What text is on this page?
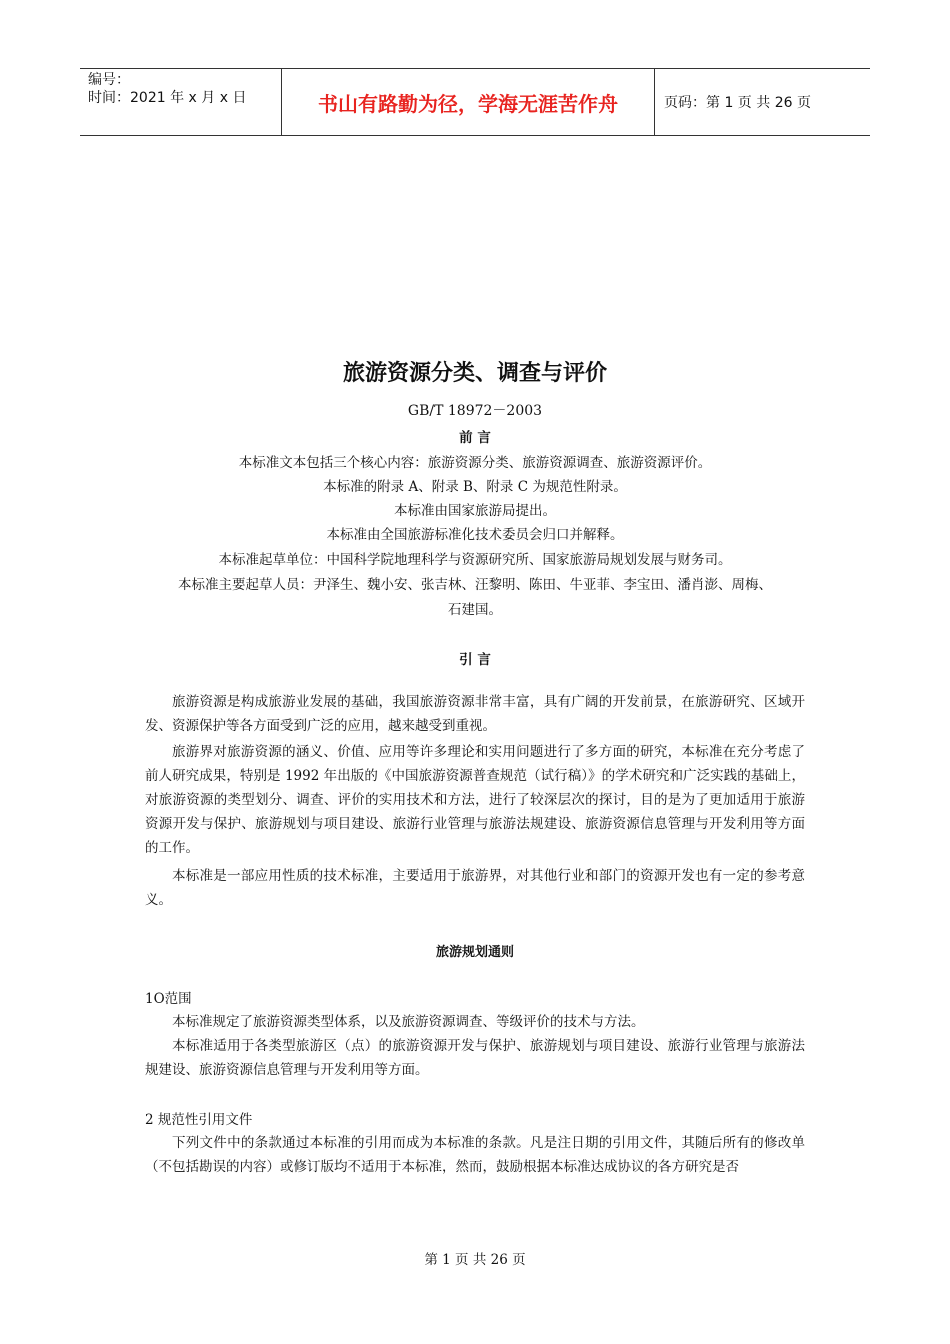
编号：
时间：2021 年 x 月 x 日	书山有路勤为径，学海无涯苦作舟	页码：第 1 页 共 26 页
旅游资源分类、调查与评价
GB/T 18972－2003
前 言
本标准文本包括三个核心内容：旅游资源分类、旅游资源调查、旅游资源评价。
本标准的附录 A、附录 B、附录 C 为规范性附录。
本标准由国家旅游局提出。
本标准由全国旅游标准化技术委员会归口并解释。
本标准起草单位：中国科学院地理科学与资源研究所、国家旅游局规划发展与财务司。
本标准主要起草人员：尹泽生、魏小安、张吉林、汪黎明、陈田、牛亚菲、李宝田、潘肖澎、周梅、
石建国。
引 言
旅游资源是构成旅游业发展的基础，我国旅游资源非常丰富，具有广阔的开发前景，在旅游研究、区域开发、资源保护等各方面受到广泛的应用，越来越受到重视。
旅游界对旅游资源的涵义、价值、应用等许多理论和实用问题进行了多方面的研究，本标准在充分考虑了前人研究成果，特别是 1992 年出版的《中国旅游资源普查规范（试行稿）》的学术研究和广泛实践的基础上，对旅游资源的类型划分、调查、评价的实用技术和方法，进行了较深层次的探讨，目的是为了更加适用于旅游资源开发与保护、旅游规划与项目建设、旅游行业管理与旅游法规建设、旅游资源信息管理与开发利用等方面的工作。
本标准是一部应用性质的技术标准，主要适用于旅游界，对其他行业和部门的资源开发也有一定的参考意义。
旅游规划通则
1O范围
本标准规定了旅游资源类型体系，以及旅游资源调查、等级评价的技术与方法。
本标准适用于各类型旅游区（点）的旅游资源开发与保护、旅游规划与项目建设、旅游行业管理与旅游法规建设、旅游资源信息管理与开发利用等方面。
2 规范性引用文件
下列文件中的条款通过本标准的引用而成为本标准的条款。凡是注日期的引用文件，其随后所有的修改单（不包括勘误的内容）或修订版均不适用于本标准，然而，鼓励根据本标准达成协议的各方研究是否
第 1 页 共 26 页
